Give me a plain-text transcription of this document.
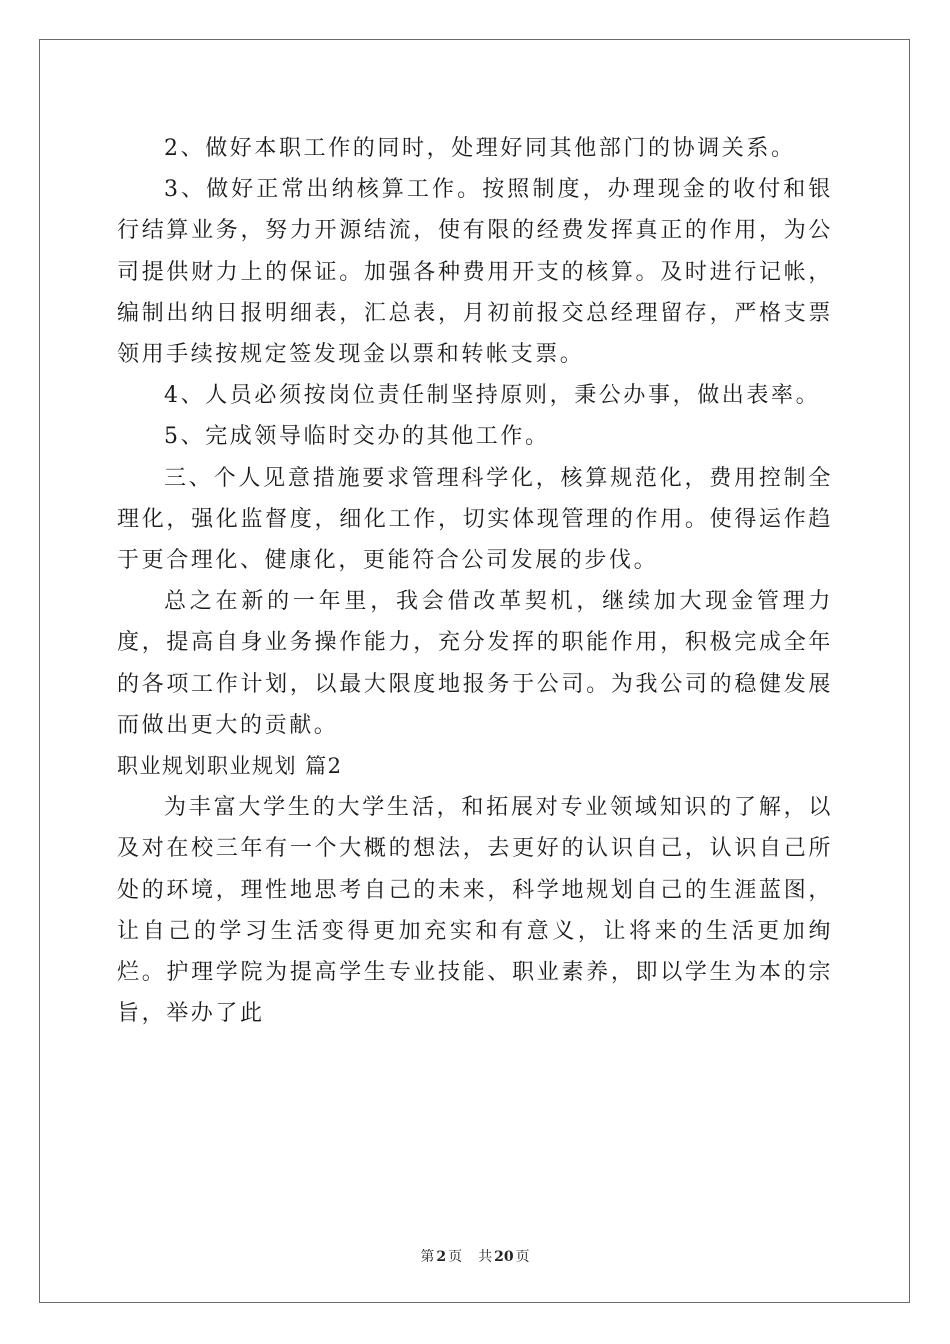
2、做好本职工作的同时，处理好同其他部门的协调关系。

3、做好正常出纳核算工作。按照制度，办理现金的收付和银行结算业务，努力开源结流，使有限的经费发挥真正的作用，为公司提供财力上的保证。加强各种费用开支的核算。及时进行记帐，编制出纳日报明细表，汇总表，月初前报交总经理留存，严格支票领用手续按规定签发现金以票和转帐支票。

4、人员必须按岗位责任制坚持原则，秉公办事，做出表率。

5、完成领导临时交办的其他工作。

三、个人见意措施要求管理科学化，核算规范化，费用控制全理化，强化监督度，细化工作，切实体现管理的作用。使得运作趋于更合理化、健康化，更能符合公司发展的步伐。

总之在新的一年里，我会借改革契机，继续加大现金管理力度，提高自身业务操作能力，充分发挥的职能作用，积极完成全年的各项工作计划，以最大限度地报务于公司。为我公司的稳健发展而做出更大的贡献。

职业规划职业规划 篇2

为丰富大学生的大学生活，和拓展对专业领域知识的了解，以及对在校三年有一个大概的想法，去更好的认识自己，认识自己所处的环境，理性地思考自己的未来，科学地规划自己的生涯蓝图，让自己的学习生活变得更加充实和有意义，让将来的生活更加绚烂。护理学院为提高学生专业技能、职业素养，即以学生为本的宗旨，举办了此

第 2 页 共 20 页
